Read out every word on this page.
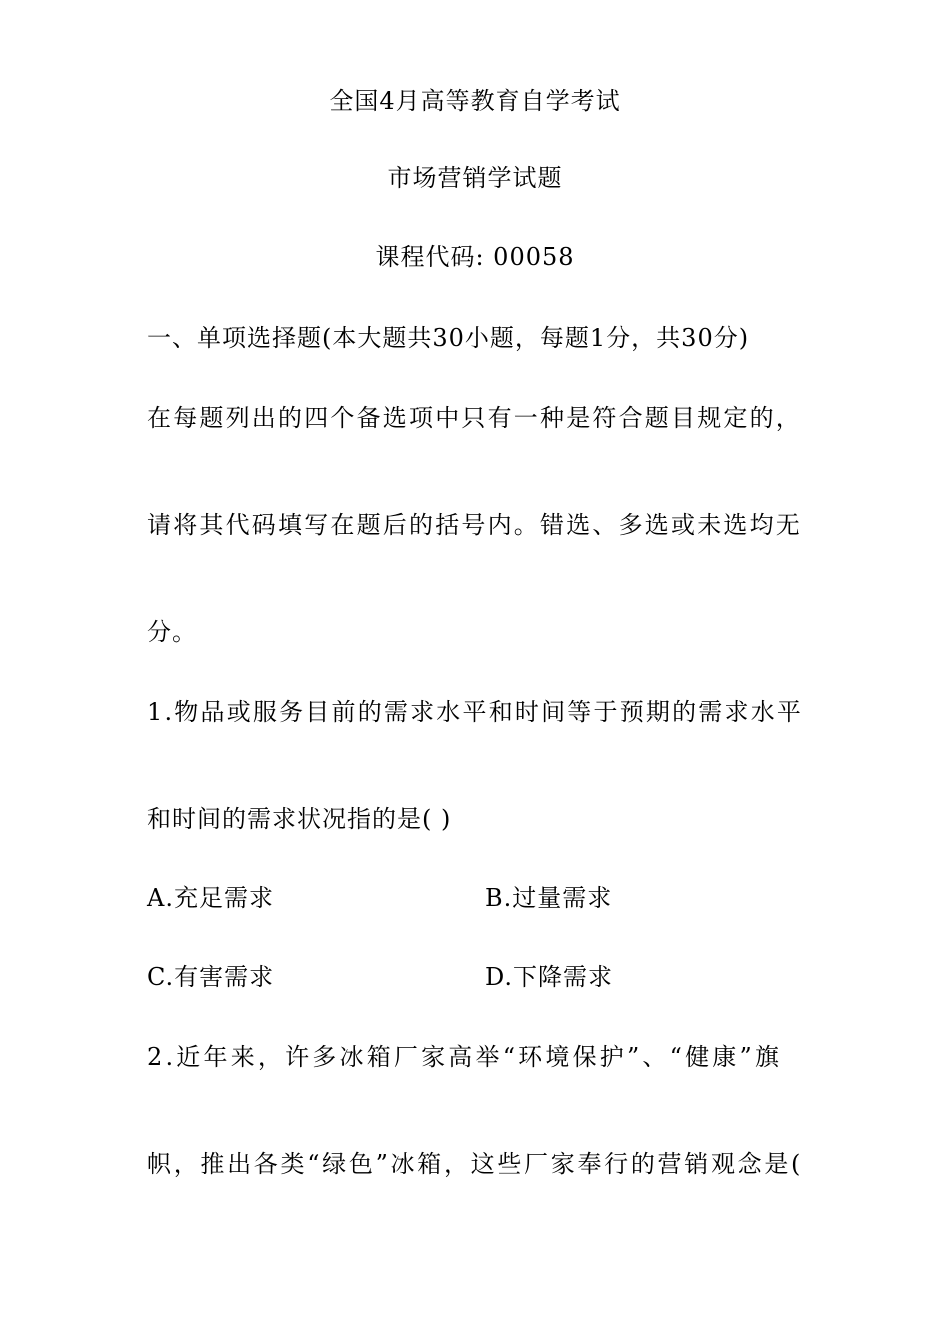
全国4月高等教育自学考试
市场营销学试题
课程代码: 00058
一、单项选择题(本大题共30小题，每题1分，共30分)
在每题列出的四个备选项中只有一种是符合题目规定的，
请将其代码填写在题后的括号内。错选、多选或未选均无
分。
1.物品或服务目前的需求水平和时间等于预期的需求水平
和时间的需求状况指的是( )
A.充足需求	B.过量需求
C.有害需求	D.下降需求
2.近年来，许多冰箱厂家高举“环境保护”、“健康”旗
帜，推出各类“绿色”冰箱，这些厂家奉行的营销观念是(
